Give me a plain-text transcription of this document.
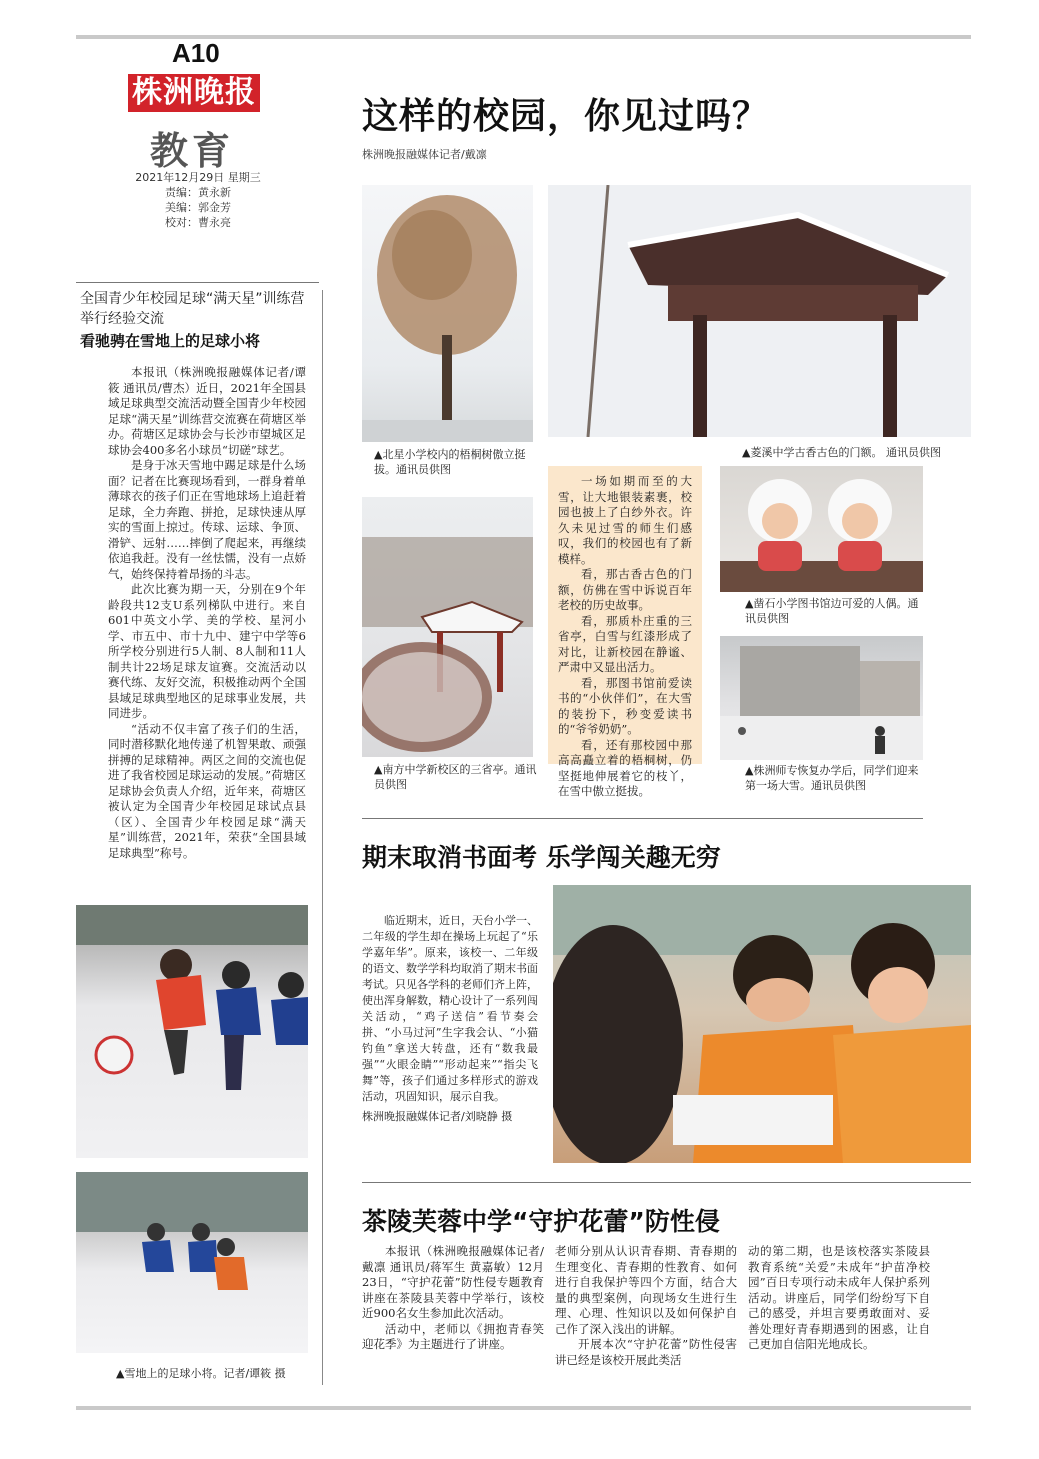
A10
株洲晚报
教育
2021年12月29日 星期三
责编：黄永新
美编：郭金芳
校对：曹永亮
全国青少年校园足球“满天星”训练营举行经验交流
看驰骋在雪地上的足球小将

本报讯（株洲晚报融媒体记者/谭筱 通讯员/曹杰）近日，2021年全国县域足球典型交流活动暨全国青少年校园足球“满天星”训练营交流赛在荷塘区举办。荷塘区足球协会与长沙市望城区足球协会400多名小球员“切磋”球艺。

是身于冰天雪地中踢足球是什么场面？记者在比赛现场看到，一群身着单薄球衣的孩子们正在雪地球场上追赶着足球，全力奔跑、拼抢，足球快速从厚实的雪面上掠过。传球、运球、争顶、滑铲、远射……摔倒了爬起来，再继续依追我赶。没有一丝怯懦，没有一点娇气，始终保持着昂扬的斗志。

此次比赛为期一天，分别在9个年龄段共12支U系列梯队中进行。来自601中英文小学、美的学校、星河小学、市五中、市十九中、建宁中学等6所学校分别进行5人制、8人制和11人制共计22场足球友谊赛。交流活动以赛代练、友好交流，积极推动两个全国县域足球典型地区的足球事业发展，共同进步。

“活动不仅丰富了孩子们的生活，同时潜移默化地传递了机智果敢、顽强拼搏的足球精神。两区之间的交流也促进了我省校园足球运动的发展。”荷塘区足球协会负责人介绍，近年来，荷塘区被认定为全国青少年校园足球试点县（区）、全国青少年校园足球“满天星”训练营，2021年，荣获“全国县域足球典型”称号。

▲雪地上的足球小将。记者/谭筱 摄
这样的校园，你见过吗？
株洲晚报融媒体记者/戴凛
▲北星小学校内的梧桐树傲立挺拔。通讯员供图
▲菱溪中学古香古色的门额。 通讯员供图
▲南方中学新校区的三省亭。通讯员供图

一场如期而至的大雪，让大地银装素裹，校园也披上了白纱外衣。许久未见过雪的师生们感叹，我们的校园也有了新模样。

看，那古香古色的门额，仿佛在雪中诉说百年老校的历史故事。

看，那质朴庄重的三省亭，白雪与红漆形成了对比，让新校园在静谧、严肃中又显出活力。

看，那图书馆前爱读书的“小伙伴们”，在大雪的装扮下，秒变爱读书的“爷爷奶奶”。

看，还有那校园中那高高矗立着的梧桐树，仍坚挺地伸展着它的枝丫，在雪中傲立挺拔。

▲凿石小学图书馆边可爱的人偶。通讯员供图
▲株洲师专恢复办学后，同学们迎来第一场大雪。通讯员供图
期末取消书面考 乐学闯关趣无穷

临近期末，近日，天台小学一、二年级的学生却在操场上玩起了“乐学嘉年华”。原来，该校一、二年级的语文、数学学科均取消了期末书面考试。只见各学科的老师们齐上阵，使出浑身解数，精心设计了一系列闯关活动，“鸡子送信”看节奏会拼、“小马过河”生字我会认、“小猫钓鱼”拿送大转盘，还有“数我最强”“火眼金睛”“形动起来”“指尖飞舞”等，孩子们通过多样形式的游戏活动，巩固知识，展示自我。

株洲晚报融媒体记者/刘晓静 摄

茶陵芙蓉中学“守护花蕾”防性侵

本报讯（株洲晚报融媒体记者/戴凛 通讯员/蒋军生 黄嘉敏）12月23日，“守护花蕾”防性侵专题教育讲座在茶陵县芙蓉中学举行，该校近900名女生参加此次活动。

活动中，老师以《拥抱青春笑迎花季》为主题进行了讲座。

老师分别从认识青春期、青春期的生理变化、青春期的性教育、如何进行自我保护等四个方面，结合大量的典型案例，向现场女生进行生理、心理、性知识以及如何保护自己作了深入浅出的讲解。

开展本次“守护花蕾”防性侵害讲已经是该校开展此类活

动的第二期，也是该校落实茶陵县教育系统“关爱”未成年“护苗净校园”百日专项行动未成年人保护系列活动。讲座后，同学们纷纷写下自己的感受，并坦言要勇敢面对、妥善处理好青春期遇到的困惑，让自己更加自信阳光地成长。
